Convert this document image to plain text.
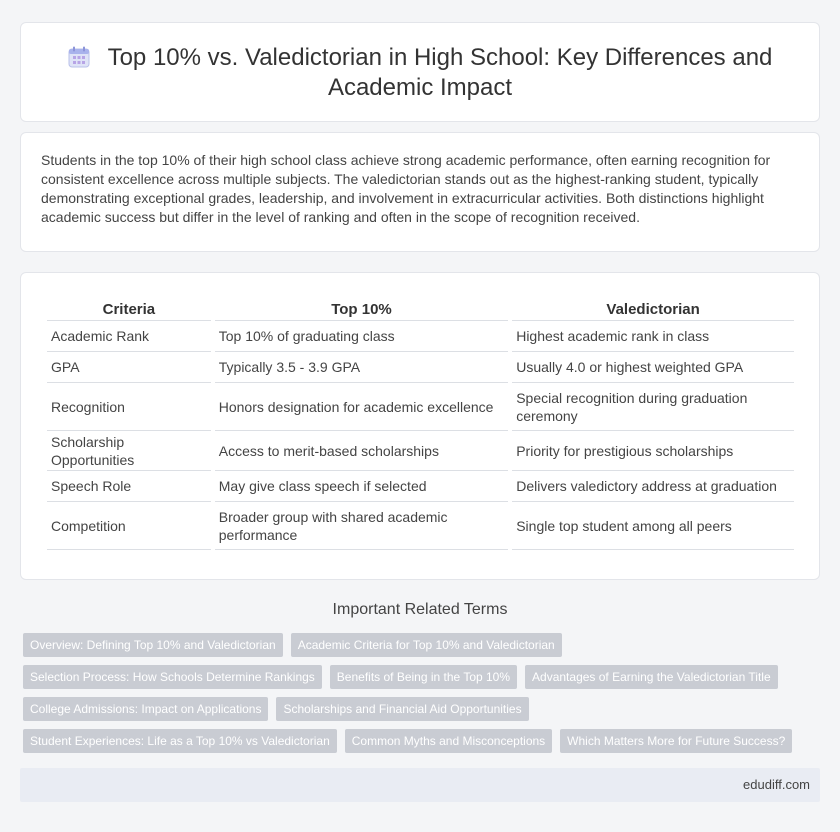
Top 10% vs. Valedictorian in High School: Key Differences and Academic Impact

Students in the top 10% of their high school class achieve strong academic performance, often earning recognition for consistent excellence across multiple subjects. The valedictorian stands out as the highest-ranking student, typically demonstrating exceptional grades, leadership, and involvement in extracurricular activities. Both distinctions highlight academic success but differ in the level of ranking and often in the scope of recognition received.

Criteria	Top 10%	Valedictorian
Academic Rank	Top 10% of graduating class	Highest academic rank in class
GPA	Typically 3.5 - 3.9 GPA	Usually 4.0 or highest weighted GPA
Recognition	Honors designation for academic excellence	Special recognition during graduation ceremony
Scholarship Opportunities	Access to merit-based scholarships	Priority for prestigious scholarships
Speech Role	May give class speech if selected	Delivers valedictory address at graduation
Competition	Broader group with shared academic performance	Single top student among all peers
Important Related Terms
Overview: Defining Top 10% and Valedictorian	Academic Criteria for Top 10% and Valedictorian
Selection Process: How Schools Determine Rankings	Benefits of Being in the Top 10%	Advantages of Earning the Valedictorian Title
College Admissions: Impact on Applications	Scholarships and Financial Aid Opportunities
Student Experiences: Life as a Top 10% vs Valedictorian	Common Myths and Misconceptions	Which Matters More for Future Success?
edudiff.com
